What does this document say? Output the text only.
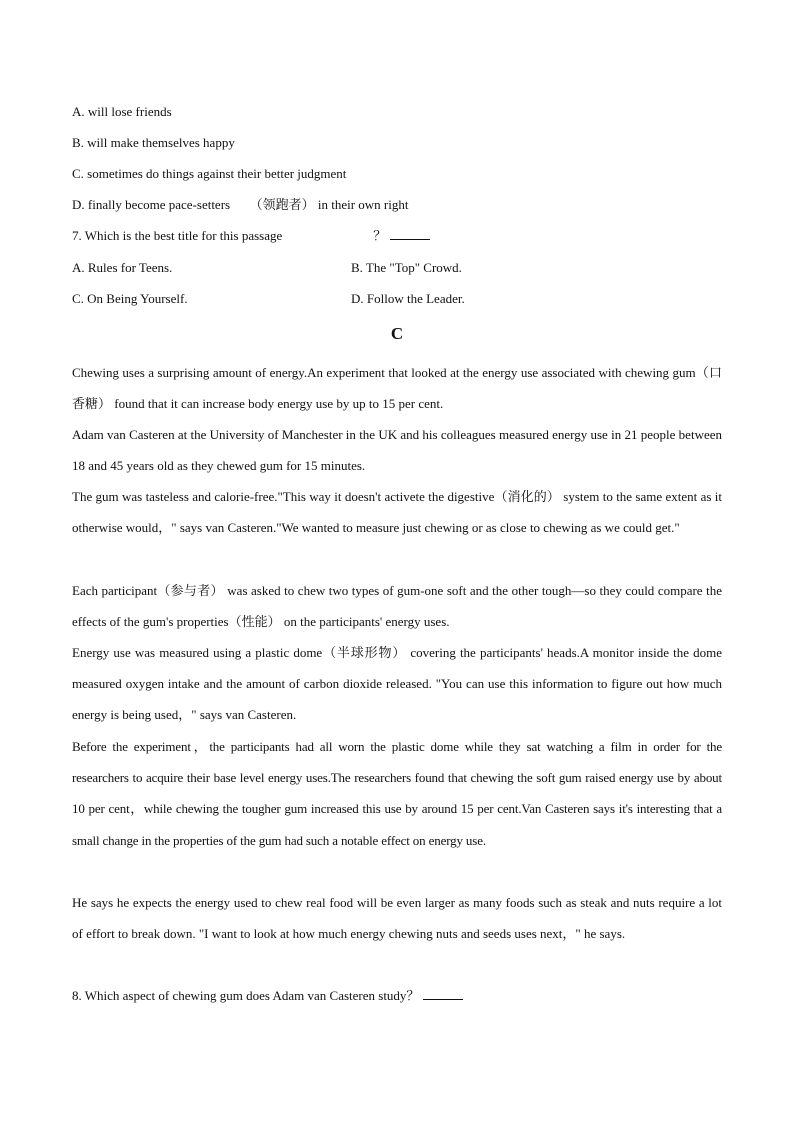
A. will lose friends
B. will make themselves happy
C. sometimes do things against their better judgment
D. finally become pace-setters　　（领跑者） in their own right
7. Which is the best title for this passage　　　　　　　？
A. Rules for Teens.	B. The "Top" Crowd.
C. On Being Yourself.	D. Follow the Leader.
C
Chewing uses a surprising amount of energy.An experiment that looked at the energy use associated with chewing gum（口香糖） found that it can increase body energy use by up to 15 per cent.
Adam van Casteren at the University of Manchester in the UK and his colleagues measured energy use in 21 people between 18 and 45 years old as they chewed gum for 15 minutes.
The gum was tasteless and calorie-free."This way it doesn't activete the digestive（消化的） system to the same extent as it otherwise would，" says van Casteren."We wanted to measure just chewing or as close to chewing as we could get."
Each participant（参与者） was asked to chew two types of gum-one soft and the other tough—so they could compare the effects of the gum's properties（性能） on the participants' energy uses.
Energy use was measured using a plastic dome（半球形物） covering the participants' heads.A monitor inside the dome measured oxygen intake and the amount of carbon dioxide released. "You can use this information to figure out how much energy is being used，" says van Casteren.
Before the experiment，the participants had all worn the plastic dome while they sat watching a film in order for the researchers to acquire their base level energy uses.The researchers found that chewing the soft gum raised energy use by about 10 per cent，while chewing the tougher gum increased this use by around 15 per cent.Van Casteren says it's interesting that a small change in the properties of the gum had such a notable effect on energy use.
He says he expects the energy used to chew real food will be even larger as many foods such as steak and nuts require a lot of effort to break down. "I want to look at how much energy chewing nuts and seeds uses next，" he says.
8. Which aspect of chewing gum does Adam van Casteren study？
